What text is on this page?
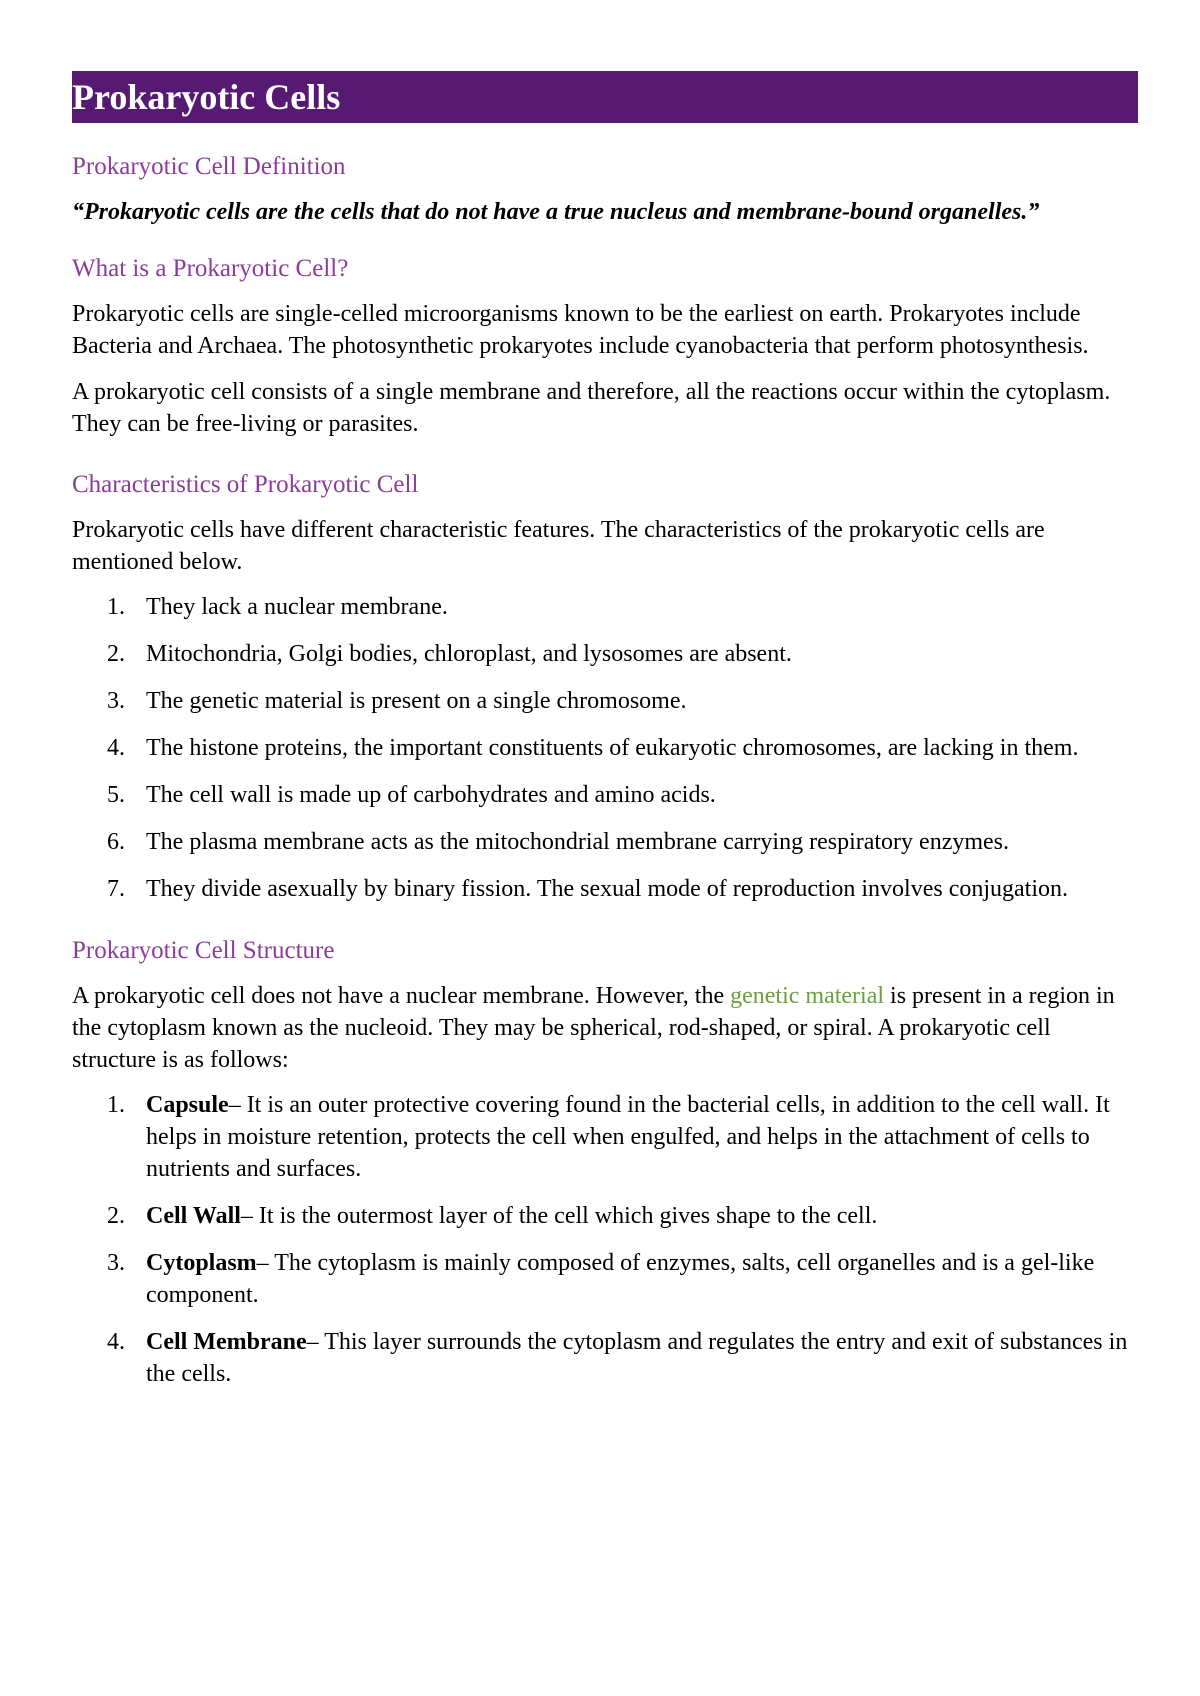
Prokaryotic Cells
Prokaryotic Cell Definition

“Prokaryotic cells are the cells that do not have a true nucleus and membrane-bound organelles.”

What is a Prokaryotic Cell?

Prokaryotic cells are single-celled microorganisms known to be the earliest on earth. Prokaryotes include Bacteria and Archaea. The photosynthetic prokaryotes include cyanobacteria that perform photosynthesis.

A prokaryotic cell consists of a single membrane and therefore, all the reactions occur within the cytoplasm. They can be free-living or parasites.

Characteristics of Prokaryotic Cell

Prokaryotic cells have different characteristic features. The characteristics of the prokaryotic cells are mentioned below.

1. They lack a nuclear membrane.
2. Mitochondria, Golgi bodies, chloroplast, and lysosomes are absent.
3. The genetic material is present on a single chromosome.
4. The histone proteins, the important constituents of eukaryotic chromosomes, are lacking in them.
5. The cell wall is made up of carbohydrates and amino acids.
6. The plasma membrane acts as the mitochondrial membrane carrying respiratory enzymes.
7. They divide asexually by binary fission. The sexual mode of reproduction involves conjugation.
Prokaryotic Cell Structure

A prokaryotic cell does not have a nuclear membrane. However, the genetic material is present in a region in the cytoplasm known as the nucleoid. They may be spherical, rod-shaped, or spiral. A prokaryotic cell structure is as follows:

1. Capsule– It is an outer protective covering found in the bacterial cells, in addition to the cell wall. It helps in moisture retention, protects the cell when engulfed, and helps in the attachment of cells to nutrients and surfaces.
2. Cell Wall– It is the outermost layer of the cell which gives shape to the cell.
3. Cytoplasm– The cytoplasm is mainly composed of enzymes, salts, cell organelles and is a gel-like component.
4. Cell Membrane– This layer surrounds the cytoplasm and regulates the entry and exit of substances in the cells.
